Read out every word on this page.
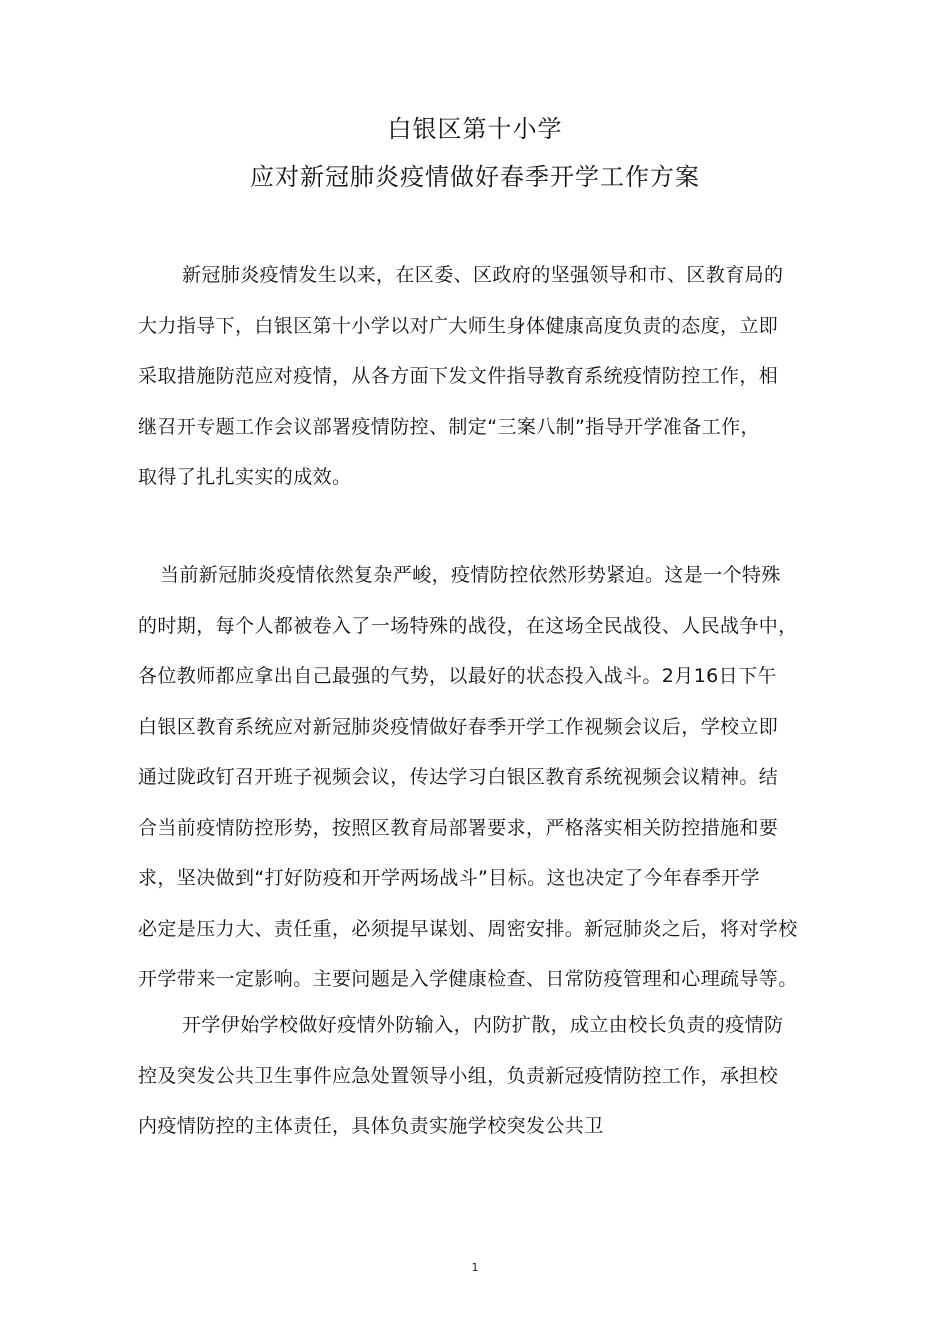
白银区第十小学
应对新冠肺炎疫情做好春季开学工作方案
新冠肺炎疫情发生以来，在区委、区政府的坚强领导和市、区教育局的
大力指导下，白银区第十小学以对广大师生身体健康高度负责的态度，立即
采取措施防范应对疫情，从各方面下发文件指导教育系统疫情防控工作，相
继召开专题工作会议部署疫情防控、制定“三案八制”指导开学准备工作，
取得了扎扎实实的成效。
当前新冠肺炎疫情依然复杂严峻，疫情防控依然形势紧迫。这是一个特殊
的时期，每个人都被卷入了一场特殊的战役，在这场全民战役、人民战争中，
各位教师都应拿出自己最强的气势，以最好的状态投入战斗。2月16日下午
白银区教育系统应对新冠肺炎疫情做好春季开学工作视频会议后，学校立即
通过陇政钉召开班子视频会议，传达学习白银区教育系统视频会议精神。结
合当前疫情防控形势，按照区教育局部署要求，严格落实相关防控措施和要
求，坚决做到“打好防疫和开学两场战斗”目标。这也决定了今年春季开学
必定是压力大、责任重，必须提早谋划、周密安排。新冠肺炎之后，将对学校
开学带来一定影响。主要问题是入学健康检查、日常防疫管理和心理疏导等。
开学伊始学校做好疫情外防输入，内防扩散，成立由校长负责的疫情防
控及突发公共卫生事件应急处置领导小组，负责新冠疫情防控工作，承担校
内疫情防控的主体责任，具体负责实施学校突发公共卫
1
